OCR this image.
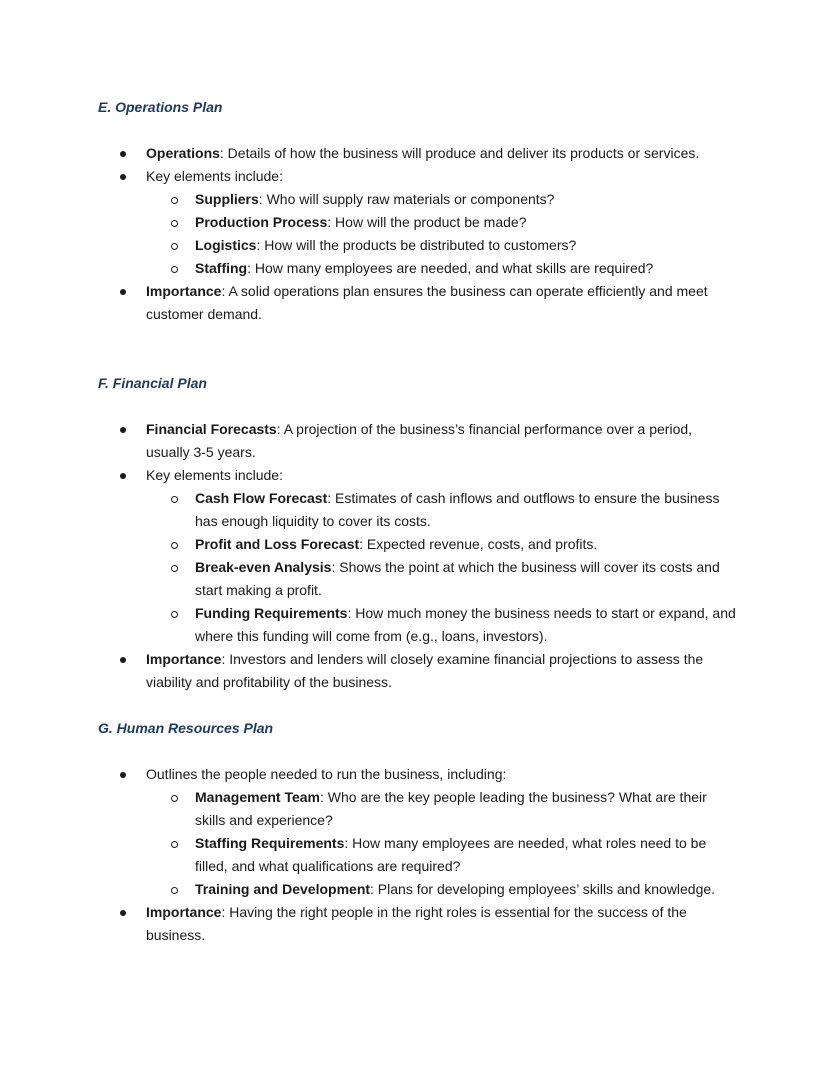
E. Operations Plan
Operations: Details of how the business will produce and deliver its products or services.
Key elements include:
Suppliers: Who will supply raw materials or components?
Production Process: How will the product be made?
Logistics: How will the products be distributed to customers?
Staffing: How many employees are needed, and what skills are required?
Importance: A solid operations plan ensures the business can operate efficiently and meet customer demand.
F. Financial Plan
Financial Forecasts: A projection of the business’s financial performance over a period, usually 3-5 years.
Key elements include:
Cash Flow Forecast: Estimates of cash inflows and outflows to ensure the business has enough liquidity to cover its costs.
Profit and Loss Forecast: Expected revenue, costs, and profits.
Break-even Analysis: Shows the point at which the business will cover its costs and start making a profit.
Funding Requirements: How much money the business needs to start or expand, and where this funding will come from (e.g., loans, investors).
Importance: Investors and lenders will closely examine financial projections to assess the viability and profitability of the business.
G. Human Resources Plan
Outlines the people needed to run the business, including:
Management Team: Who are the key people leading the business? What are their skills and experience?
Staffing Requirements: How many employees are needed, what roles need to be filled, and what qualifications are required?
Training and Development: Plans for developing employees’ skills and knowledge.
Importance: Having the right people in the right roles is essential for the success of the business.
